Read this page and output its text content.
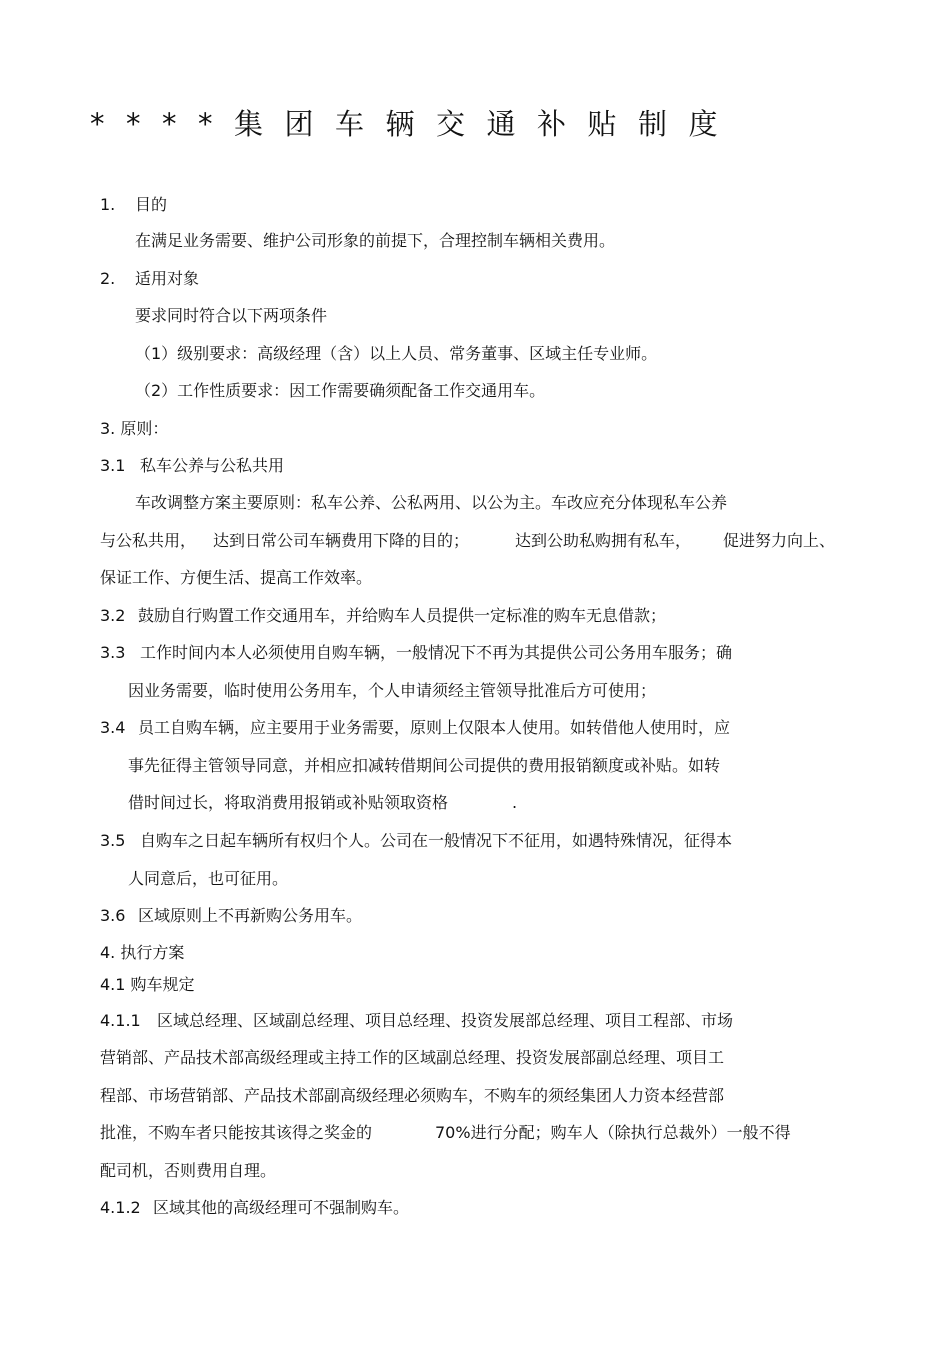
****集团车辆交通补贴制度
1. 目的
在满足业务需要、维护公司形象的前提下，合理控制车辆相关费用。
2. 适用对象
要求同时符合以下两项条件
（1）级别要求：高级经理（含）以上人员、常务董事、区域主任专业师。
（2）工作性质要求：因工作需要确须配备工作交通用车。
3. 原则：
3.1 私车公养与公私共用
车改调整方案主要原则：私车公养、公私两用、以公为主。车改应充分体现私车公养
与公私共用， 达到日常公司车辆费用下降的目的；	达到公助私购拥有私车， 促进努力向上、
保证工作、方便生活、提高工作效率。
3.2 鼓励自行购置工作交通用车，并给购车人员提供一定标准的购车无息借款；
3.3 工作时间内本人必须使用自购车辆，一般情况下不再为其提供公司公务用车服务；确
因业务需要，临时使用公务用车，个人申请须经主管领导批准后方可使用；
3.4 员工自购车辆，应主要用于业务需要，原则上仅限本人使用。如转借他人使用时，应
事先征得主管领导同意，并相应扣减转借期间公司提供的费用报销额度或补贴。如转
借时间过长，将取消费用报销或补贴领取资格	.
3.5 自购车之日起车辆所有权归个人。公司在一般情况下不征用，如遇特殊情况，征得本
人同意后，也可征用。
3.6 区域原则上不再新购公务用车。
4. 执行方案
4.1 购车规定
4.1.1 区域总经理、区域副总经理、项目总经理、投资发展部总经理、项目工程部、市场
营销部、产品技术部高级经理或主持工作的区域副总经理、投资发展部副总经理、项目工
程部、市场营销部、产品技术部副高级经理必须购车，不购车的须经集团人力资本经营部
批准，不购车者只能按其该得之奖金的	70%进行分配；购车人（除执行总裁外）一般不得
配司机，否则费用自理。
4.1.2 区域其他的高级经理可不强制购车。
